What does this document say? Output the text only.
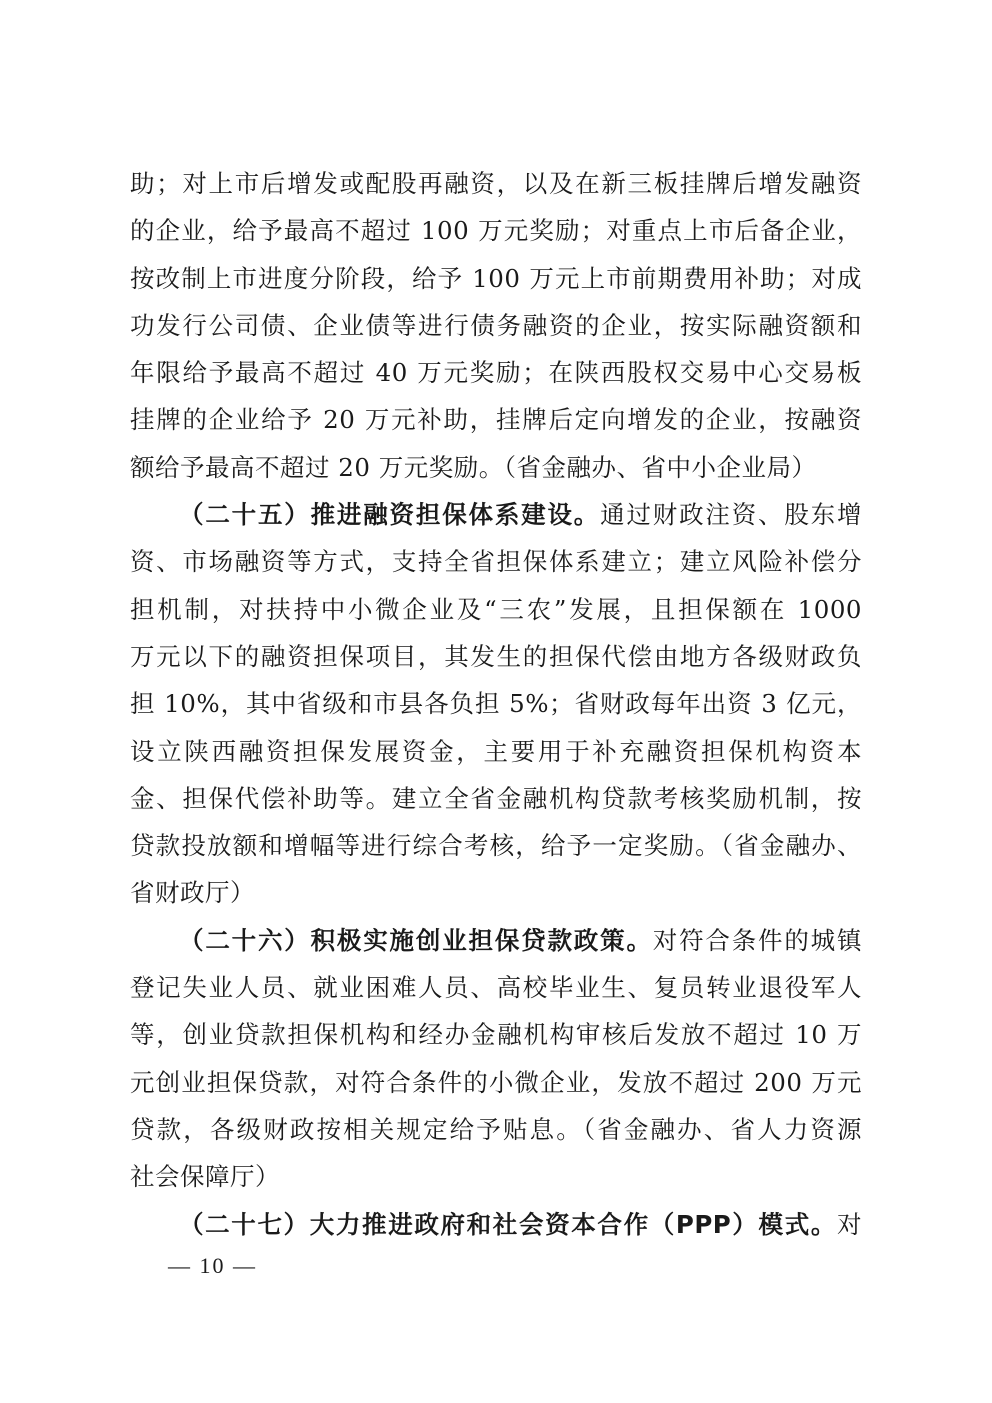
助；对上市后增发或配股再融资，以及在新三板挂牌后增发融资
的企业，给予最高不超过 100 万元奖励；对重点上市后备企业，
按改制上市进度分阶段，给予 100 万元上市前期费用补助；对成
功发行公司债、企业债等进行债务融资的企业，按实际融资额和
年限给予最高不超过 40 万元奖励；在陕西股权交易中心交易板
挂牌的企业给予 20 万元补助，挂牌后定向增发的企业，按融资
额给予最高不超过 20 万元奖励。（省金融办、省中小企业局）
（二十五）推进融资担保体系建设。通过财政注资、股东增
资、市场融资等方式，支持全省担保体系建立；建立风险补偿分
担机制，对扶持中小微企业及“三农”发展，且担保额在 1000
万元以下的融资担保项目，其发生的担保代偿由地方各级财政负
担 10%，其中省级和市县各负担 5%；省财政每年出资 3 亿元，
设立陕西融资担保发展资金，主要用于补充融资担保机构资本
金、担保代偿补助等。建立全省金融机构贷款考核奖励机制，按
贷款投放额和增幅等进行综合考核，给予一定奖励。（省金融办、
省财政厅）
（二十六）积极实施创业担保贷款政策。对符合条件的城镇
登记失业人员、就业困难人员、高校毕业生、复员转业退役军人
等，创业贷款担保机构和经办金融机构审核后发放不超过 10 万
元创业担保贷款，对符合条件的小微企业，发放不超过 200 万元
贷款，各级财政按相关规定给予贴息。（省金融办、省人力资源
社会保障厅）
（二十七）大力推进政府和社会资本合作（PPP）模式。对
— 10 —
